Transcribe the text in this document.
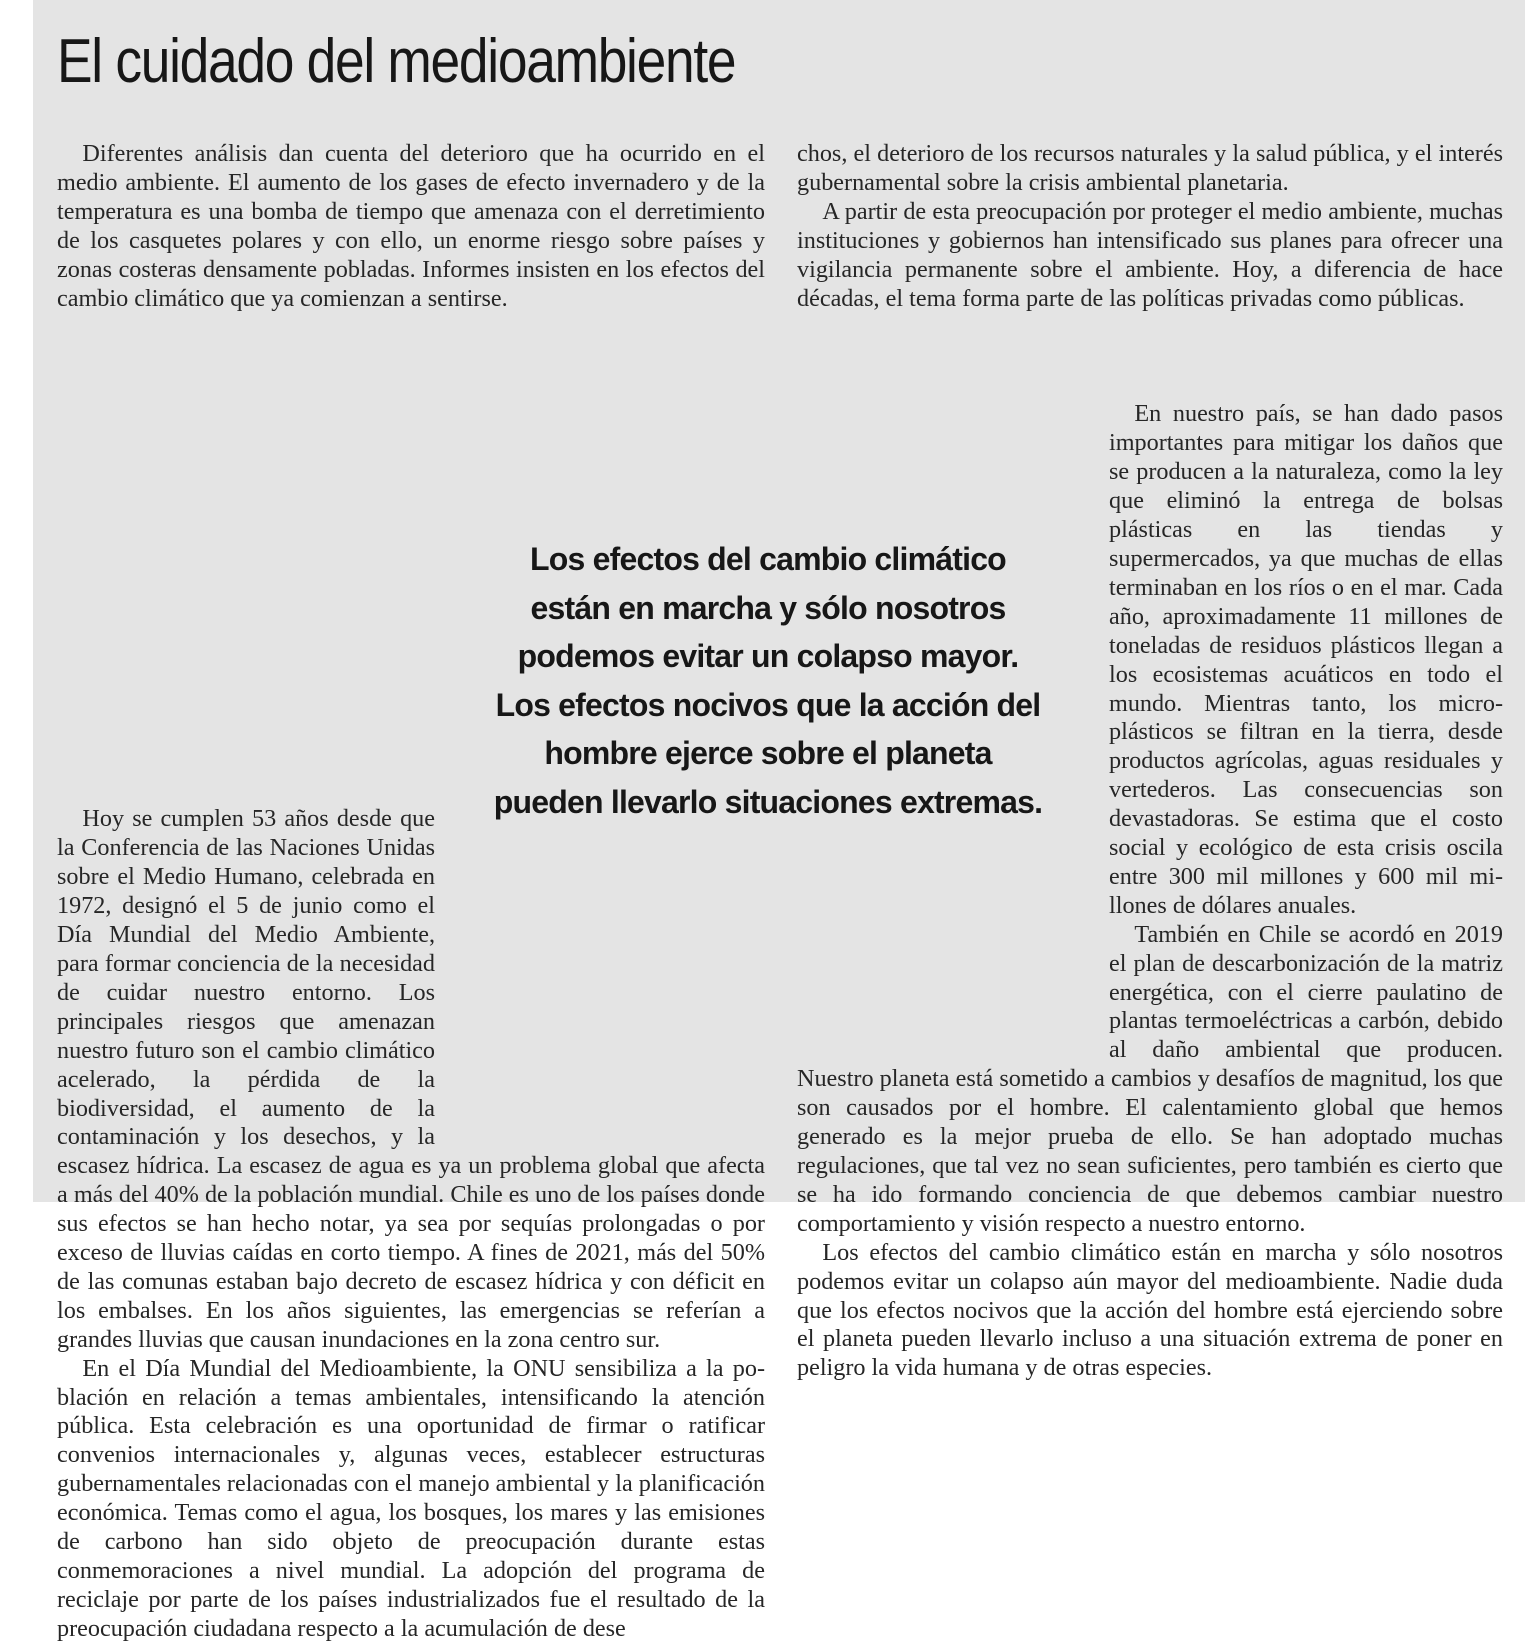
El cuidado del medioambiente

Diferentes análisis dan cuenta del deterioro que ha ocurrido en el medio ambiente. El aumento de los gases de efecto invernadero y de la temperatura es una bomba de tiempo que amenaza con el derretimiento de los casquetes polares y con ello, un enorme riesgo sobre países y zonas costeras densamente pobladas. Informes insisten en los efectos del cambio climático que ya comienzan a sentirse.

Hoy se cumplen 53 años desde que la Conferencia de las Naciones Unidas sobre el Medio Humano, celebrada en 1972, designó el 5 de junio como el Día Mundial del Medio Ambiente, para formar conciencia de la necesidad de cuidar nuestro entorno. Los principales riesgos que amenazan nuestro futuro son el cambio climático acelerado, la pérdida de la biodiversidad, el aumento de la contaminación y los desechos, y la escasez hídrica. La escasez de agua es ya un problema global que afecta a más del 40% de la población mundial. Chile es uno de los países donde sus efectos se han hecho notar, ya sea por sequías prolongadas o por exceso de lluvias caídas en corto tiempo. A fines de 2021, más del 50% de las comunas estaban bajo decreto de escasez hídrica y con déficit en los embalses. En los años siguientes, las emergencias se referían a grandes lluvias que causan inundaciones en la zona centro sur.

En el Día Mundial del Medioambiente, la ONU sensibiliza a la población en relación a temas ambientales, intensificando la atención pública. Esta celebración es una oportunidad de firmar o ratificar convenios internacionales y, algunas veces, establecer estructuras gubernamentales relacionadas con el manejo ambiental y la planificación económica. Temas como el agua, los bosques, los mares y las emisiones de carbono han sido objeto de preocupación durante estas conmemoraciones a nivel mundial. La adopción del programa de reciclaje por parte de los países industrializados fue el resultado de la preocupación ciudadana respecto a la acumulación de dese

chos, el deterioro de los recursos naturales y la salud pública, y el interés gubernamental sobre la crisis ambiental planetaria.

A partir de esta preocupación por proteger el medio ambiente, muchas instituciones y gobiernos han intensificado sus planes para ofrecer una vigilancia permanente sobre el ambiente. Hoy, a diferencia de hace décadas, el tema forma parte de las políticas privadas como públicas.

En nuestro país, se han dado pasos importantes para mitigar los daños que se producen a la naturaleza, como la ley que eliminó la entrega de bolsas plásticas en las tiendas y supermercados, ya que muchas de ellas terminaban en los ríos o en el mar. Cada año, aproximadamente 11 millones de toneladas de residuos plásticos llegan a los ecosistemas acuáticos en todo el mundo. Mientras tanto, los microplásticos se filtran en la tierra, desde productos agrícolas, aguas residuales y vertederos. Las consecuencias son devastadoras. Se estima que el costo social y ecológico de esta crisis oscila entre 300 mil millones y 600 mil millones de dólares anuales.

También en Chile se acordó en 2019 el plan de descarbonización de la matriz energética, con el cierre paulatino de plantas termoeléctricas a carbón, debido al daño ambiental que producen. Nuestro planeta está sometido a cambios y desafíos de magnitud, los que son causados por el hombre. El calentamiento global que hemos generado es la mejor prueba de ello. Se han adoptado muchas regulaciones, que tal vez no sean suficientes, pero también es cierto que se ha ido formando conciencia de que debemos cambiar nuestro comportamiento y visión respecto a nuestro entorno.

Los efectos del cambio climático están en marcha y sólo nosotros podemos evitar un colapso aún mayor del medioambiente. Nadie duda que los efectos nocivos que la acción del hombre está ejerciendo sobre el planeta pueden llevarlo incluso a una situación extrema de poner en peligro la vida humana y de otras especies.

Los efectos del cambio climático están en marcha y sólo nosotros podemos evitar un colapso mayor. Los efectos nocivos que la acción del hombre ejerce sobre el planeta pueden llevarlo situaciones extremas.
